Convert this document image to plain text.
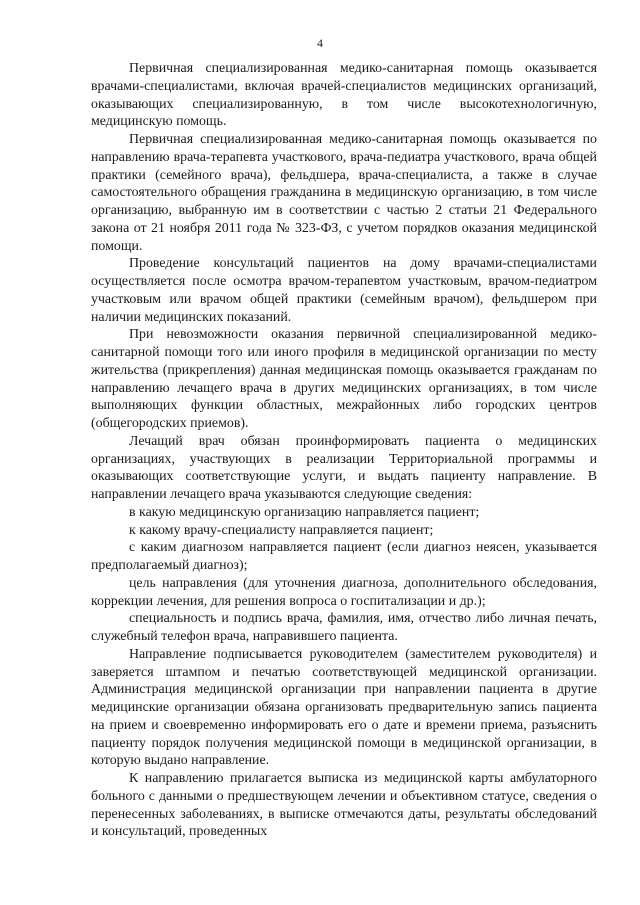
4

Первичная специализированная медико-санитарная помощь оказывается врачами-специалистами, включая врачей-специалистов медицинских организаций, оказывающих специализированную, в том числе высокотехнологичную, медицинскую помощь.

Первичная специализированная медико-санитарная помощь оказывается по направлению врача-терапевта участкового, врача-педиатра участкового, врача общей практики (семейного врача), фельдшера, врача-специалиста, а также в случае самостоятельного обращения гражданина в медицинскую организацию, в том числе организацию, выбранную им в соответствии с частью 2 статьи 21 Федерального закона от 21 ноября 2011 года № 323-ФЗ, с учетом порядков оказания медицинской помощи.

Проведение консультаций пациентов на дому врачами-специалистами осуществляется после осмотра врачом-терапевтом участковым, врачом-педиатром участковым или врачом общей практики (семейным врачом), фельдшером при наличии медицинских показаний.

При невозможности оказания первичной специализированной медико-санитарной помощи того или иного профиля в медицинской организации по месту жительства (прикрепления) данная медицинская помощь оказывается гражданам по направлению лечащего врача в других медицинских организациях, в том числе выполняющих функции областных, межрайонных либо городских центров (общегородских приемов).

Лечащий врач обязан проинформировать пациента о медицинских организациях, участвующих в реализации Территориальной программы и оказывающих соответствующие услуги, и выдать пациенту направление. В направлении лечащего врача указываются следующие сведения:

в какую медицинскую организацию направляется пациент;

к какому врачу-специалисту направляется пациент;

с каким диагнозом направляется пациент (если диагноз неясен, указывается предполагаемый диагноз);

цель направления (для уточнения диагноза, дополнительного обследования, коррекции лечения, для решения вопроса о госпитализации и др.);

специальность и подпись врача, фамилия, имя, отчество либо личная печать, служебный телефон врача, направившего пациента.

Направление подписывается руководителем (заместителем руководителя) и заверяется штампом и печатью соответствующей медицинской организации. Администрация медицинской организации при направлении пациента в другие медицинские организации обязана организовать предварительную запись пациента на прием и своевременно информировать его о дате и времени приема, разъяснить пациенту порядок получения медицинской помощи в медицинской организации, в которую выдано направление.

К направлению прилагается выписка из медицинской карты амбулаторного больного с данными о предшествующем лечении и объективном статусе, сведения о перенесенных заболеваниях, в выписке отмечаются даты, результаты обследований и консультаций, проведенных
